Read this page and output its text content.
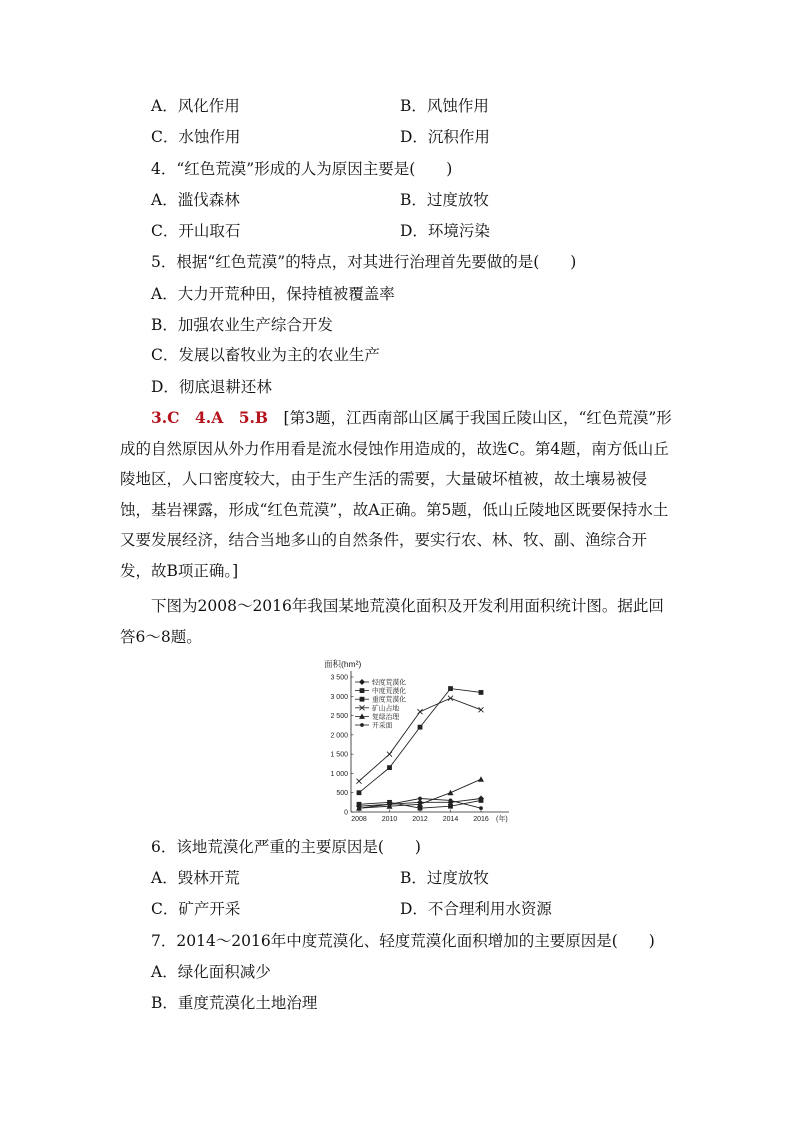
A．风化作用	B．风蚀作用
C．水蚀作用	D．沉积作用
4．“红色荒漠”形成的人为原因主要是(　　)
A．滥伐森林	B．过度放牧
C．开山取石	D．环境污染
5．根据“红色荒漠”的特点，对其进行治理首先要做的是(　　)
A．大力开荒种田，保持植被覆盖率
B．加强农业生产综合开发
C．发展以畜牧业为主的农业生产
D．彻底退耕还林
3.C　4.A　5.B　 [第3题，江西南部山区属于我国丘陵山区，“红色荒漠”形成的自然原因从外力作用看是流水侵蚀作用造成的，故选C。第4题，南方低山丘陵地区，人口密度较大，由于生产生活的需要，大量破坏植被，故土壤易被侵蚀，基岩裸露，形成“红色荒漠”，故A正确。第5题，低山丘陵地区既要保持水土又要发展经济，结合当地多山的自然条件，要实行农、林、牧、副、渔综合开发，故B项正确。]
下图为2008～2016年我国某地荒漠化面积及开发利用面积统计图。据此回答6～8题。
面积(hm²)
0
500
1 000
1 500
2 000
2 500
3 000
3 500
2008 2010 2012 2014 2016 (年)
轻度荒漠化
中度荒漠化
重度荒漠化
矿山占地
复绿治理
开采面
6．该地荒漠化严重的主要原因是(　　)
A．毁林开荒	B．过度放牧
C．矿产开采	D．不合理利用水资源
7．2014～2016年中度荒漠化、轻度荒漠化面积增加的主要原因是(　　)
A．绿化面积减少
B．重度荒漠化土地治理
